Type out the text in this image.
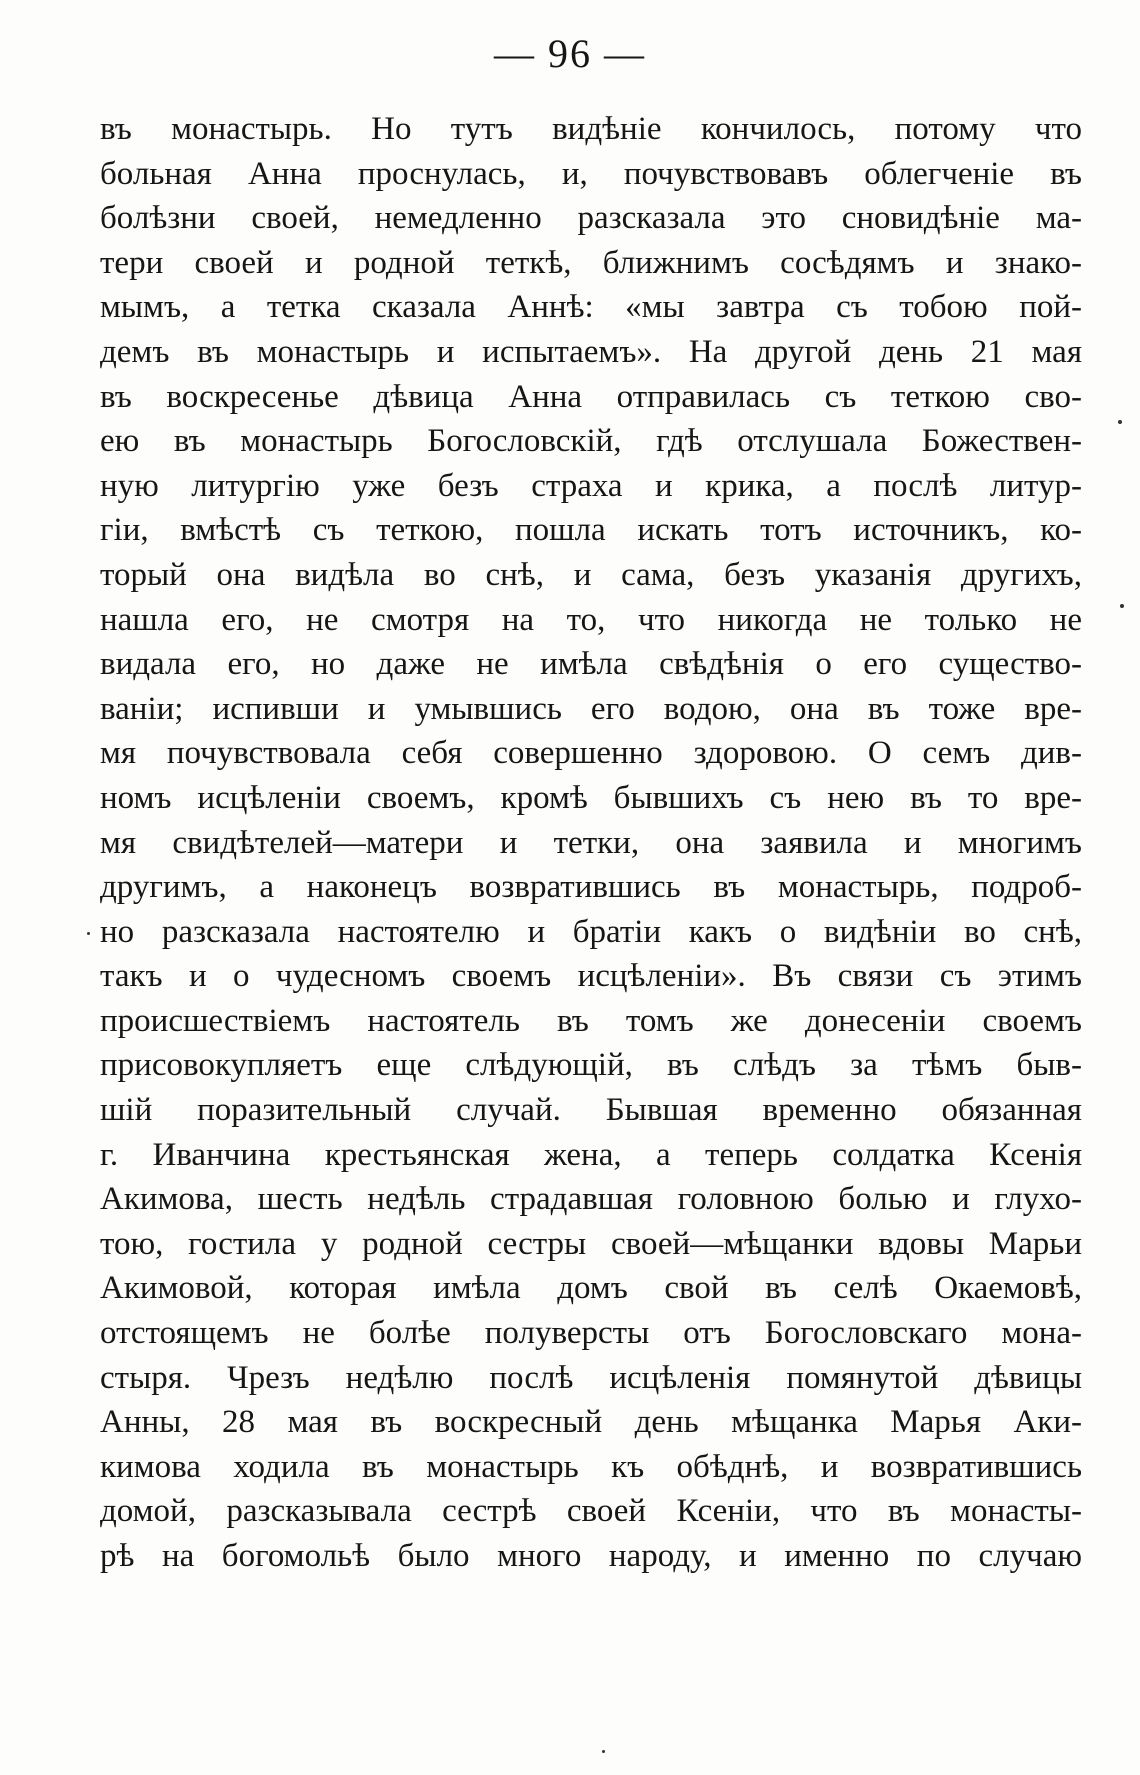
— 96 —
въ монастырь. Но тутъ видѣніе кончилось, потому что
больная Анна проснулась, и, почувствовавъ облегченіе въ
болѣзни своей, немедленно разсказала это сновидѣніе ма-
тери своей и родной теткѣ, ближнимъ сосѣдямъ и знако-
мымъ, а тетка сказала Аннѣ: «мы завтра съ тобою пой-
демъ въ монастырь и испытаемъ». На другой день 21 мая
въ воскресенье дѣвица Анна отправилась съ теткою сво-
ею въ монастырь Богословскій, гдѣ отслушала Божествен-
ную литургію уже безъ страха и крика, а послѣ литур-
гіи, вмѣстѣ съ теткою, пошла искать тотъ источникъ, ко-
торый она видѣла во снѣ, и сама, безъ указанія другихъ,
нашла его, не смотря на то, что никогда не только не
видала его, но даже не имѣла свѣдѣнія о его существо-
ваніи; испивши и умывшись его водою, она въ тоже вре-
мя почувствовала себя совершенно здоровою. О семъ див-
номъ исцѣленіи своемъ, кромѣ бывшихъ съ нею въ то вре-
мя свидѣтелей—матери и тетки, она заявила и многимъ
другимъ, а наконецъ возвратившись въ монастырь, подроб-
но разсказала настоятелю и братіи какъ о видѣніи во снѣ,
такъ и о чудесномъ своемъ исцѣленіи». Въ связи съ этимъ
происшествіемъ настоятель въ томъ же донесеніи своемъ
присовокупляетъ еще слѣдующій, въ слѣдъ за тѣмъ быв-
шій поразительный случай. Бывшая временно обязанная
г. Иванчина крестьянская жена, а теперь солдатка Ксенія
Акимова, шесть недѣль страдавшая головною болью и глухо-
тою, гостила у родной сестры своей—мѣщанки вдовы Марьи
Акимовой, которая имѣла домъ свой въ селѣ Окаемовѣ,
отстоящемъ не болѣе полуверсты отъ Богословскаго мона-
стыря. Чрезъ недѣлю послѣ исцѣленія помянутой дѣвицы
Анны, 28 мая въ воскресный день мѣщанка Марья Аки-
кимова ходила въ монастырь къ обѣднѣ, и возвратившись
домой, разсказывала сестрѣ своей Ксеніи, что въ монасты-
рѣ на богомольѣ было много народу, и именно по случаю
